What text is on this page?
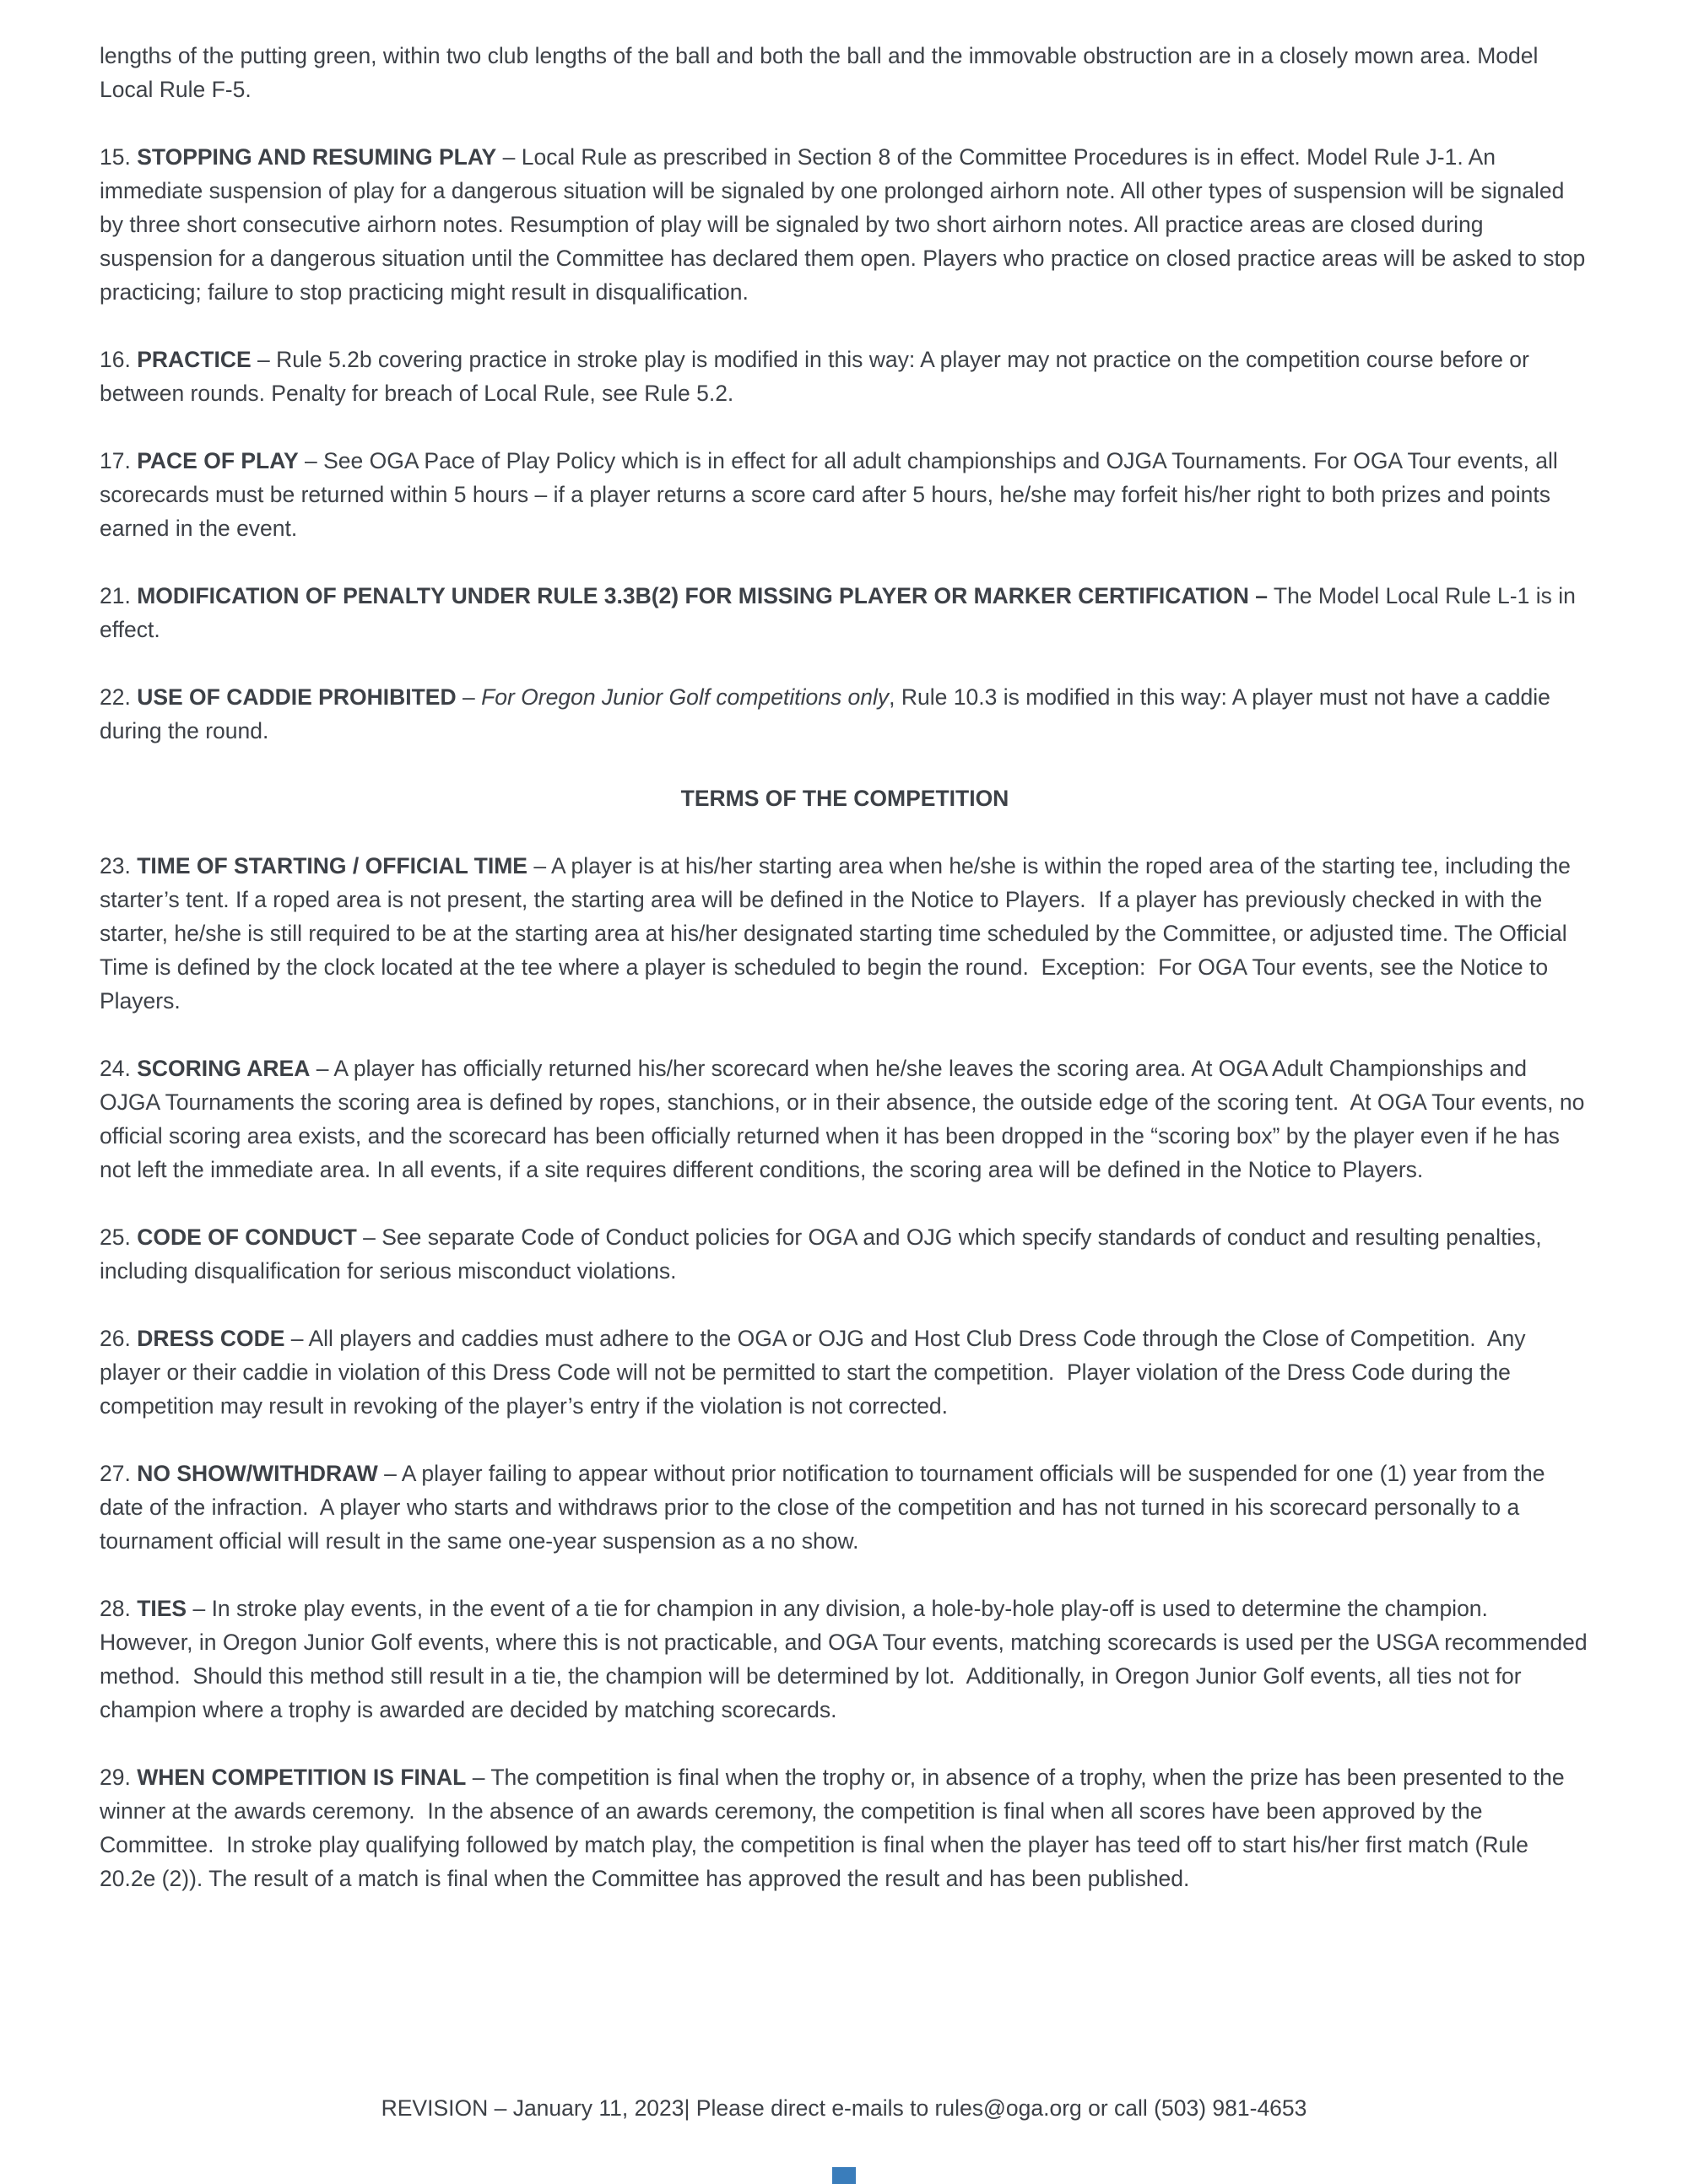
lengths of the putting green, within two club lengths of the ball and both the ball and the immovable obstruction are in a closely mown area. Model Local Rule F-5.

15. STOPPING AND RESUMING PLAY – Local Rule as prescribed in Section 8 of the Committee Procedures is in effect. Model Rule J-1. An immediate suspension of play for a dangerous situation will be signaled by one prolonged airhorn note. All other types of suspension will be signaled by three short consecutive airhorn notes. Resumption of play will be signaled by two short airhorn notes. All practice areas are closed during suspension for a dangerous situation until the Committee has declared them open. Players who practice on closed practice areas will be asked to stop practicing; failure to stop practicing might result in disqualification.

16. PRACTICE – Rule 5.2b covering practice in stroke play is modified in this way: A player may not practice on the competition course before or between rounds. Penalty for breach of Local Rule, see Rule 5.2.

17. PACE OF PLAY – See OGA Pace of Play Policy which is in effect for all adult championships and OJGA Tournaments. For OGA Tour events, all scorecards must be returned within 5 hours – if a player returns a score card after 5 hours, he/she may forfeit his/her right to both prizes and points earned in the event.

21. MODIFICATION OF PENALTY UNDER RULE 3.3B(2) FOR MISSING PLAYER OR MARKER CERTIFICATION – The Model Local Rule L-1 is in effect.

22. USE OF CADDIE PROHIBITED – For Oregon Junior Golf competitions only, Rule 10.3 is modified in this way: A player must not have a caddie during the round.

TERMS OF THE COMPETITION

23. TIME OF STARTING / OFFICIAL TIME – A player is at his/her starting area when he/she is within the roped area of the starting tee, including the starter’s tent. If a roped area is not present, the starting area will be defined in the Notice to Players.  If a player has previously checked in with the starter, he/she is still required to be at the starting area at his/her designated starting time scheduled by the Committee, or adjusted time. The Official Time is defined by the clock located at the tee where a player is scheduled to begin the round.  Exception:  For OGA Tour events, see the Notice to Players.

24. SCORING AREA – A player has officially returned his/her scorecard when he/she leaves the scoring area. At OGA Adult Championships and OJGA Tournaments the scoring area is defined by ropes, stanchions, or in their absence, the outside edge of the scoring tent.  At OGA Tour events, no official scoring area exists, and the scorecard has been officially returned when it has been dropped in the “scoring box” by the player even if he has not left the immediate area. In all events, if a site requires different conditions, the scoring area will be defined in the Notice to Players.

25. CODE OF CONDUCT – See separate Code of Conduct policies for OGA and OJG which specify standards of conduct and resulting penalties, including disqualification for serious misconduct violations.

26. DRESS CODE – All players and caddies must adhere to the OGA or OJG and Host Club Dress Code through the Close of Competition.  Any player or their caddie in violation of this Dress Code will not be permitted to start the competition.  Player violation of the Dress Code during the competition may result in revoking of the player’s entry if the violation is not corrected.

27. NO SHOW/WITHDRAW – A player failing to appear without prior notification to tournament officials will be suspended for one (1) year from the date of the infraction.  A player who starts and withdraws prior to the close of the competition and has not turned in his scorecard personally to a tournament official will result in the same one-year suspension as a no show.

28. TIES – In stroke play events, in the event of a tie for champion in any division, a hole-by-hole play-off is used to determine the champion.  However, in Oregon Junior Golf events, where this is not practicable, and OGA Tour events, matching scorecards is used per the USGA recommended method.  Should this method still result in a tie, the champion will be determined by lot.  Additionally, in Oregon Junior Golf events, all ties not for champion where a trophy is awarded are decided by matching scorecards.

29. WHEN COMPETITION IS FINAL – The competition is final when the trophy or, in absence of a trophy, when the prize has been presented to the winner at the awards ceremony.  In the absence of an awards ceremony, the competition is final when all scores have been approved by the Committee.  In stroke play qualifying followed by match play, the competition is final when the player has teed off to start his/her first match (Rule 20.2e (2)). The result of a match is final when the Committee has approved the result and has been published.

REVISION – January 11, 2023| Please direct e-mails to rules@oga.org or call (503) 981-4653
